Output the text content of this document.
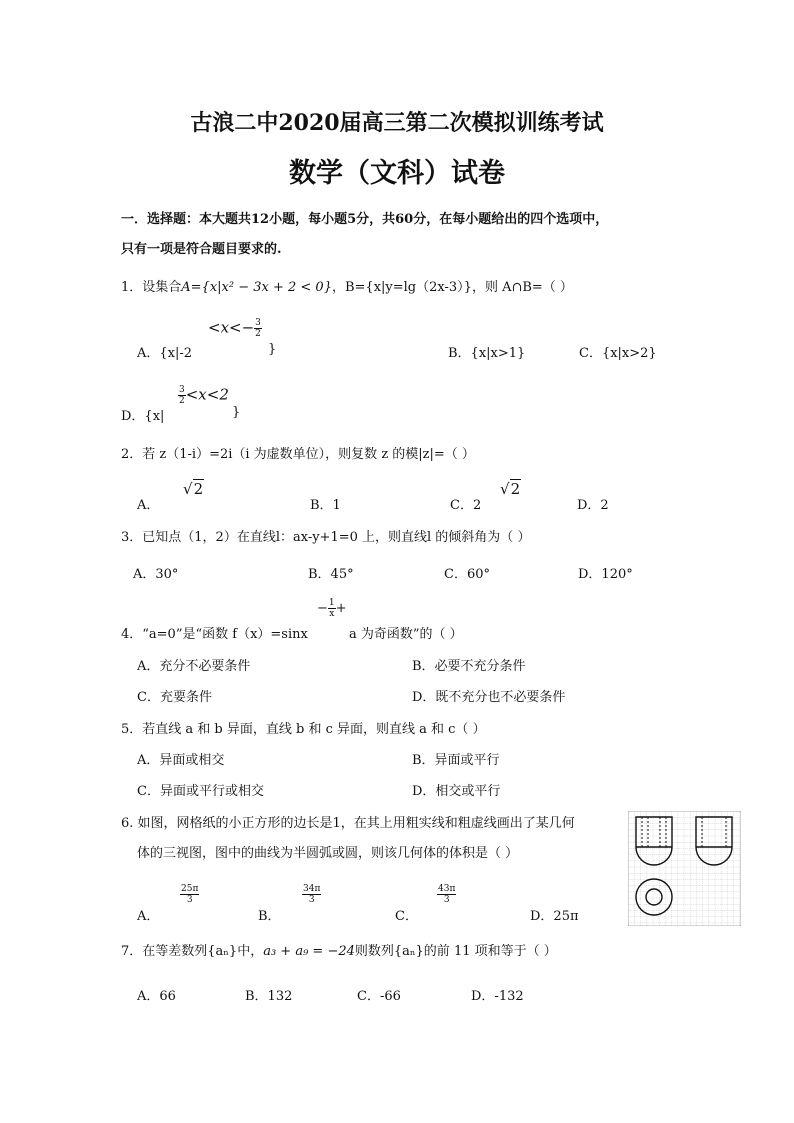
古浪二中2020届高三第二次模拟训练考试
数学（文科）试卷
一．选择题：本大题共12小题，每小题5分，共60分，在每小题给出的四个选项中，
只有一项是符合题目要求的.
1．设集合A={x|x² − 3x + 2 < 0}，B={x|y=lg（2x-3）}，则 A∩B=（ ）
A．{x|-2
$<x<- \frac{3}{2}$
}	B．{x|x>1}	C．{x|x>2}
D．{x|
$\frac{3}{2} <x<2$
}
2．若 z（1-i）=2i（i 为虚数单位），则复数 z 的模|z|=（ ）
A．
√2
B．1	C．2
√2
D．2
3．已知点（1，2）在直线l：ax-y+1=0 上，则直线l 的倾斜角为（ ）
A．30°	B．45°	C．60°	D．120°
4．“a=0”是“函数 f（x）=sinx
− $\frac{1}{x}$ +
a 为奇函数”的（ ）
A．充分不必要条件	B．必要不充分条件
C．充要条件	D．既不充分也不必要条件
5．若直线 a 和 b 异面，直线 b 和 c 异面，则直线 a 和 c（ ）
A．异面或相交	B．异面或平行
C．异面或平行或相交	D．相交或平行
6. 如图，网格纸的小正方形的边长是1，在其上用粗实线和粗虚线画出了某几何
体的三视图，图中的曲线为半圆弧或圆，则该几何体的体积是（ ）
A．
$\frac{25\pi}{3}$
B．
$\frac{34\pi}{3}$
C．
$\frac{43\pi}{3}$
D．25π
7．在等差数列{aₙ}中，a₃ + a₉ = −24则数列{aₙ}的前 11 项和等于（ ）
A．66	B．132	C．-66	D．-132
